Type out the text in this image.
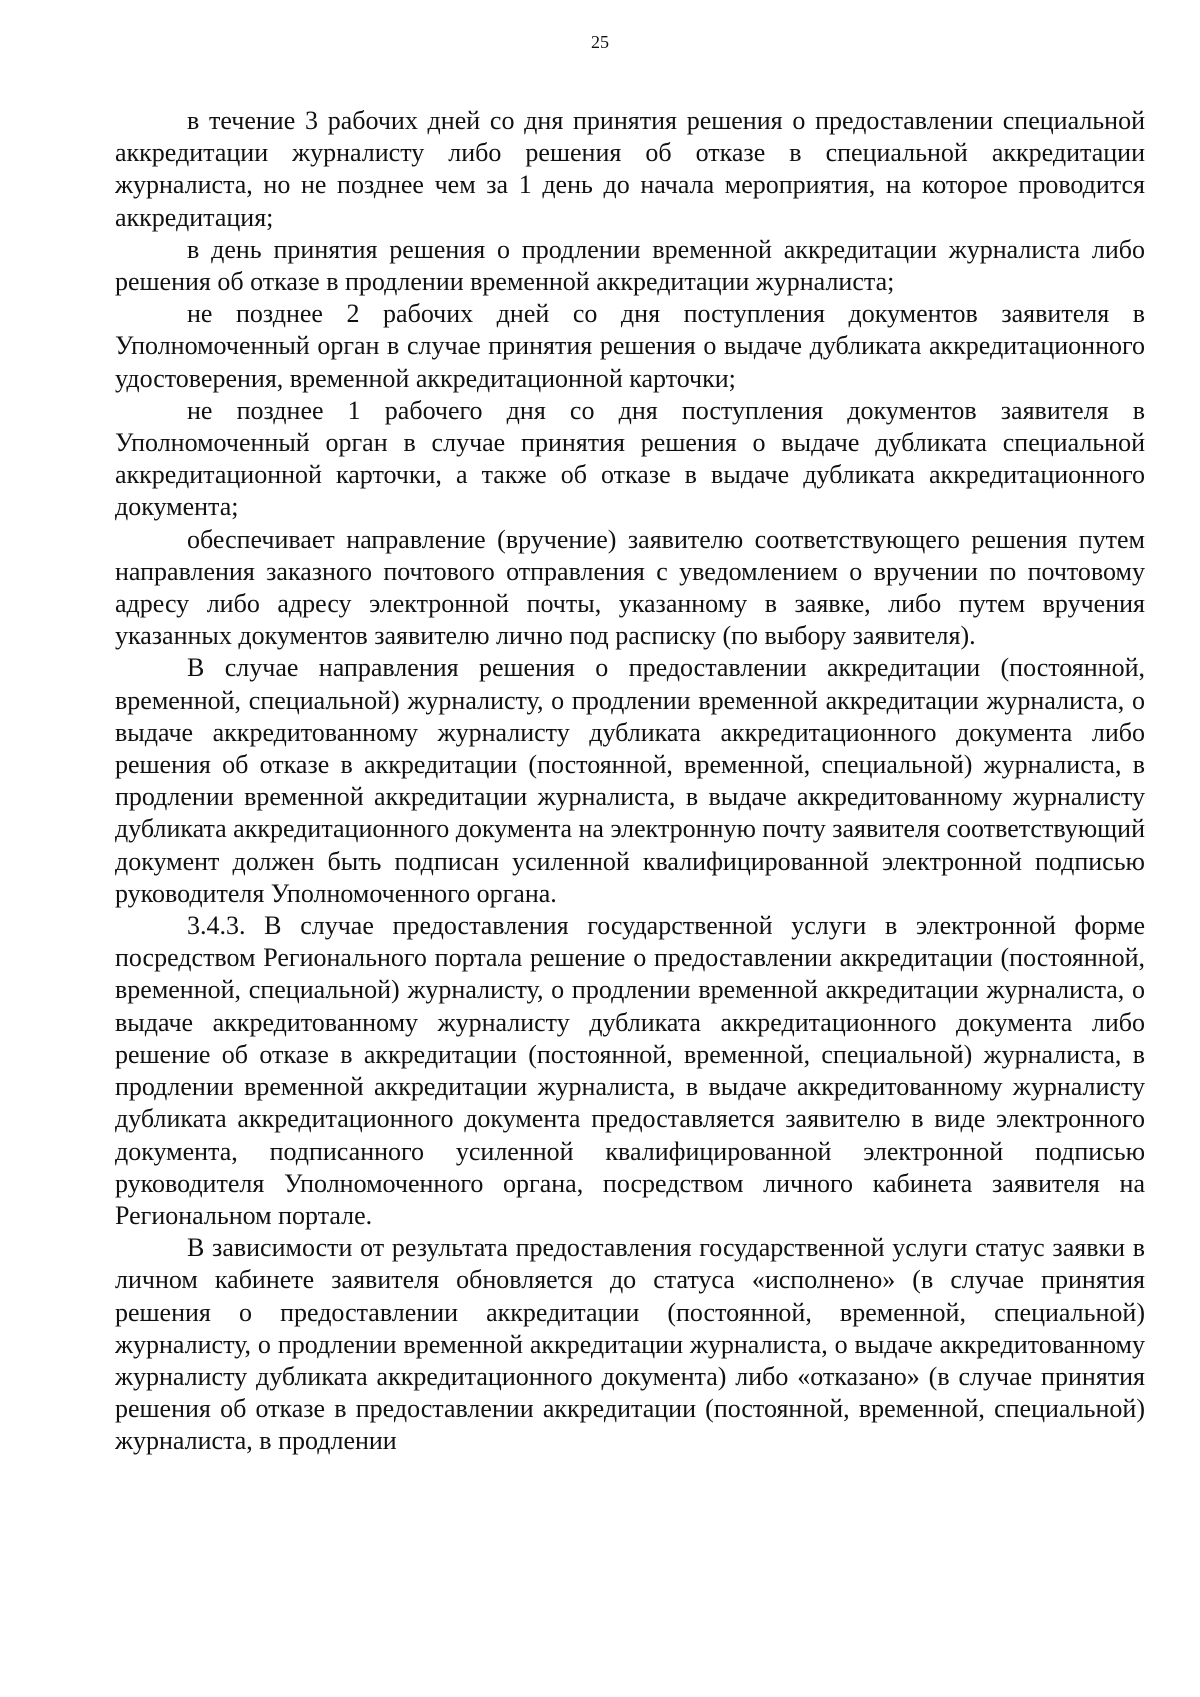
25

в течение 3 рабочих дней со дня принятия решения о предоставлении специальной аккредитации журналисту либо решения об отказе в специальной аккредитации журналиста, но не позднее чем за 1 день до начала мероприятия, на которое проводится аккредитация;

в день принятия решения о продлении временной аккредитации журналиста либо решения об отказе в продлении временной аккредитации журналиста;

не позднее 2 рабочих дней со дня поступления документов заявителя в Уполномоченный орган в случае принятия решения о выдаче дубликата аккредитационного удостоверения, временной аккредитационной карточки;

не позднее 1 рабочего дня со дня поступления документов заявителя в Уполномоченный орган в случае принятия решения о выдаче дубликата специальной аккредитационной карточки, а также об отказе в выдаче дубликата аккредитационного документа;

обеспечивает направление (вручение) заявителю соответствующего решения путем направления заказного почтового отправления с уведомлением о вручении по почтовому адресу либо адресу электронной почты, указанному в заявке, либо путем вручения указанных документов заявителю лично под расписку (по выбору заявителя).

В случае направления решения о предоставлении аккредитации (постоянной, временной, специальной) журналисту, о продлении временной аккредитации журналиста, о выдаче аккредитованному журналисту дубликата аккредитационного документа либо решения об отказе в аккредитации (постоянной, временной, специальной) журналиста, в продлении временной аккредитации журналиста, в выдаче аккредитованному журналисту дубликата аккредитационного документа на электронную почту заявителя соответствующий документ должен быть подписан усиленной квалифицированной электронной подписью руководителя Уполномоченного органа.

3.4.3. В случае предоставления государственной услуги в электронной форме посредством Регионального портала решение о предоставлении аккредитации (постоянной, временной, специальной) журналисту, о продлении временной аккредитации журналиста, о выдаче аккредитованному журналисту дубликата аккредитационного документа либо решение об отказе в аккредитации (постоянной, временной, специальной) журналиста, в продлении временной аккредитации журналиста, в выдаче аккредитованному журналисту дубликата аккредитационного документа предоставляется заявителю в виде электронного документа, подписанного усиленной квалифицированной электронной подписью руководителя Уполномоченного органа, посредством личного кабинета заявителя на Региональном портале.

В зависимости от результата предоставления государственной услуги статус заявки в личном кабинете заявителя обновляется до статуса «исполнено» (в случае принятия решения о предоставлении аккредитации (постоянной, временной, специальной) журналисту, о продлении временной аккредитации журналиста, о выдаче аккредитованному журналисту дубликата аккредитационного документа) либо «отказано» (в случае принятия решения об отказе в предоставлении аккредитации (постоянной, временной, специальной) журналиста, в продлении
